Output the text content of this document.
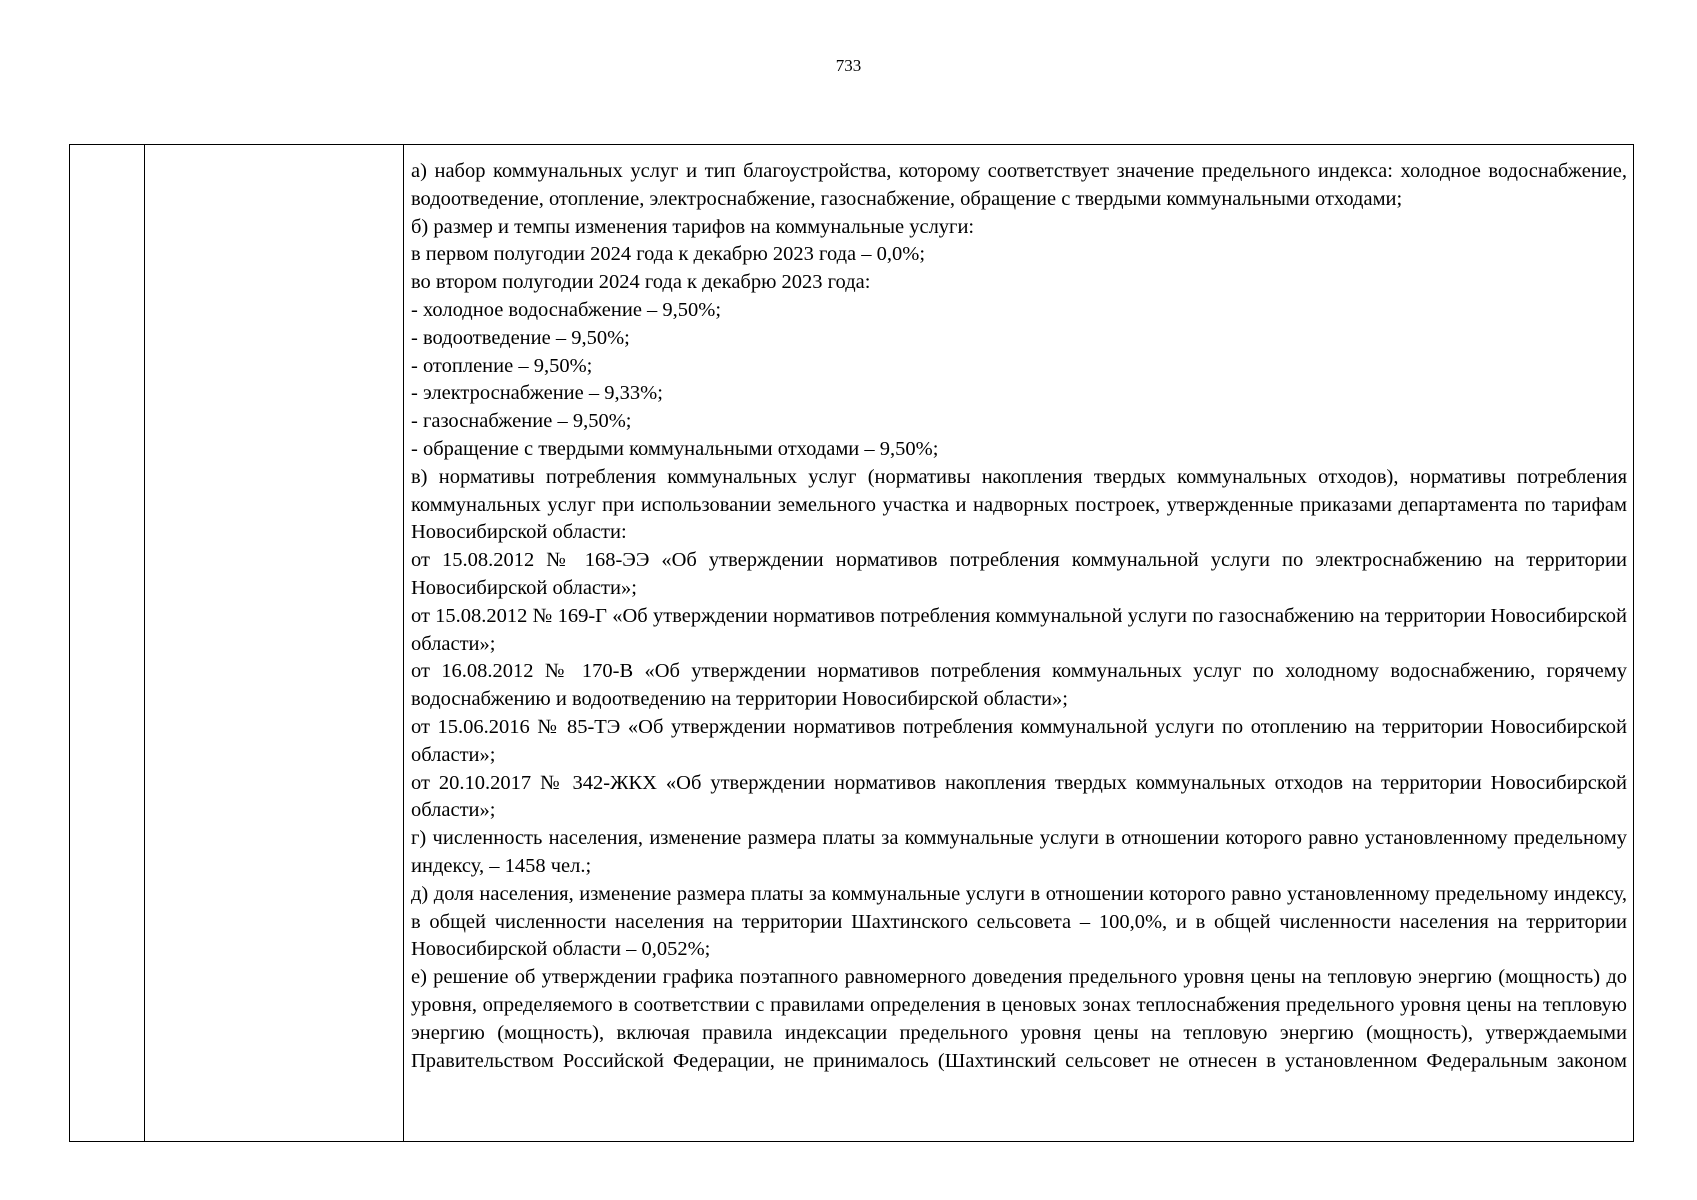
733

а) набор коммунальных услуг и тип благоустройства, которому соответствует значение предельного индекса: холодное водоснабжение, водоотведение, отопление, электроснабжение, газоснабжение, обращение с твердыми коммунальными отходами;

б) размер и темпы изменения тарифов на коммунальные услуги:

в первом полугодии 2024 года к декабрю 2023 года – 0,0%;

во втором полугодии 2024 года к декабрю 2023 года:

- холодное водоснабжение – 9,50%;

- водоотведение – 9,50%;

- отопление – 9,50%;

- электроснабжение – 9,33%;

- газоснабжение – 9,50%;

- обращение с твердыми коммунальными отходами – 9,50%;

в) нормативы потребления коммунальных услуг (нормативы накопления твердых коммунальных отходов), нормативы потребления коммунальных услуг при использовании земельного участка и надворных построек, утвержденные приказами департамента по тарифам Новосибирской области:

от 15.08.2012 № 168-ЭЭ «Об утверждении нормативов потребления коммунальной услуги по электроснабжению на территории Новосибирской области»;

от 15.08.2012 № 169-Г «Об утверждении нормативов потребления коммунальной услуги по газоснабжению на территории Новосибирской области»;

от 16.08.2012 № 170-В «Об утверждении нормативов потребления коммунальных услуг по холодному водоснабжению, горячему водоснабжению и водоотведению на территории Новосибирской области»;

от 15.06.2016 № 85-ТЭ «Об утверждении нормативов потребления коммунальной услуги по отоплению на территории Новосибирской области»;

от 20.10.2017 № 342-ЖКХ «Об утверждении нормативов накопления твердых коммунальных отходов на территории Новосибирской области»;

г) численность населения, изменение размера платы за коммунальные услуги в отношении которого равно установленному предельному индексу, – 1458 чел.;

д) доля населения, изменение размера платы за коммунальные услуги в отношении которого равно установленному предельному индексу, в общей численности населения на территории Шахтинского сельсовета – 100,0%, и в общей численности населения на территории Новосибирской области – 0,052%;

е) решение об утверждении графика поэтапного равномерного доведения предельного уровня цены на тепловую энергию (мощность) до уровня, определяемого в соответствии с правилами определения в ценовых зонах теплоснабжения предельного уровня цены на тепловую энергию (мощность), включая правила индексации предельного уровня цены на тепловую энергию (мощность), утверждаемыми Правительством Российской Федерации, не принималось (Шахтинский сельсовет не отнесен в установленном Федеральным законом
